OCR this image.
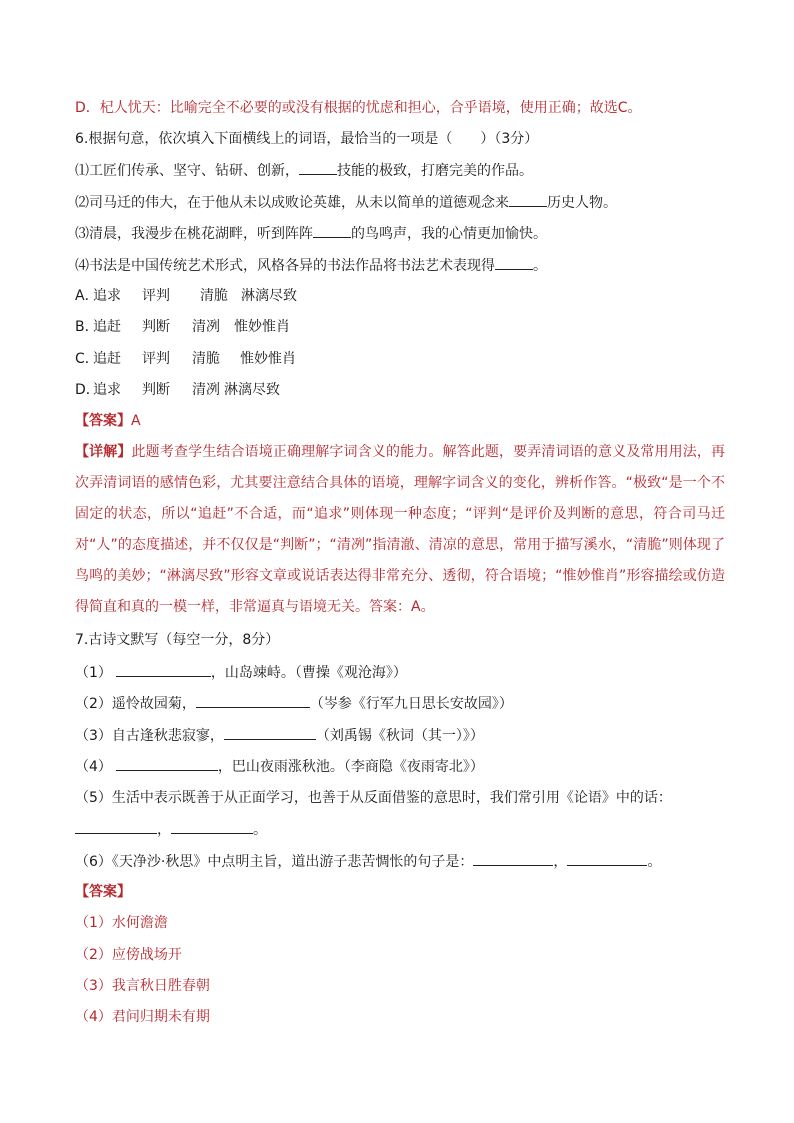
D．杞人忧天：比喻完全不必要的或没有根据的忧虑和担心，合乎语境，使用正确；故选C。
6.根据句意，依次填入下面横线上的词语，最恰当的一项是（　　）（3分）
⑴工匠们传承、坚守、钻研、创新，	技能的极致，打磨完美的作品。
⑵司马迁的伟大，在于他从未以成败论英雄，从未以简单的道德观念来	历史人物。
⑶清晨，我漫步在桃花湖畔，听到阵阵	的鸟鸣声，我的心情更加愉快。
⑷书法是中国传统艺术形式，风格各异的书法作品将书法艺术表现得	。
A．追求 评判 清脆 淋漓尽致
B．追赶 判断 清冽 惟妙惟肖
C．追赶 评判 清脆 惟妙惟肖
D．追求 判断 清冽 淋漓尽致
【答案】A
【详解】此题考查学生结合语境正确理解字词含义的能力。解答此题，要弄清词语的意义及常用用法，再次弄清词语的感情色彩，尤其要注意结合具体的语境，理解字词含义的变化，辨析作答。“极致“是一个不固定的状态，所以“追赶”不合适，而“追求”则体现一种态度；“评判“是评价及判断的意思，符合司马迁对“人”的态度描述，并不仅仅是“判断”；“清冽”指清澈、清凉的意思，常用于描写溪水，“清脆”则体现了鸟鸣的美妙；“淋漓尽致”形容文章或说话表达得非常充分、透彻，符合语境；“惟妙惟肖”形容描绘或仿造得简直和真的一模一样，非常逼真与语境无关。答案：A。
7.古诗文默写（每空一分，8分）
（1）	，山岛竦峙。（曹操《观沧海》）
（2）遥怜故园菊，	（岑参《行军九日思长安故园》）
（3）自古逢秋悲寂寥，	（刘禹锡《秋词（其一）》）
（4）	，巴山夜雨涨秋池。（李商隐《夜雨寄北》）
（5）生活中表示既善于从正面学习，也善于从反面借鉴的意思时，我们常引用《论语》中的话：
，	。
（6）《天净沙·秋思》中点明主旨，道出游子悲苦惆怅的句子是：	，	。
【答案】
（1）水何澹澹
（2）应傍战场开
（3）我言秋日胜春朝
（4）君问归期未有期
